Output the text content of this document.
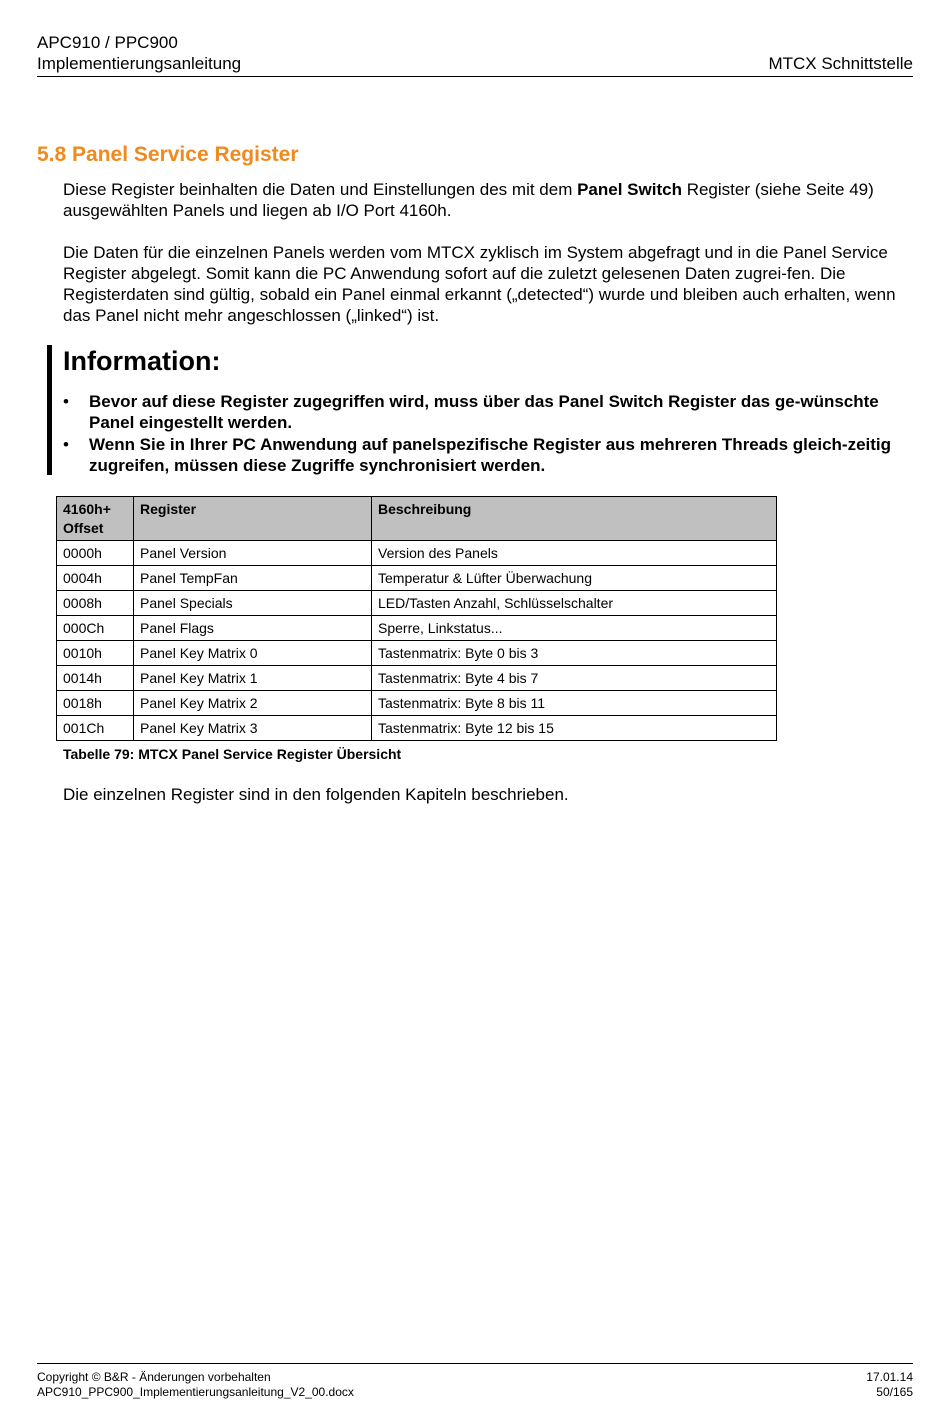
APC910 / PPC900
Implementierungsanleitung	MTCX Schnittstelle
5.8 Panel Service Register
Diese Register beinhalten die Daten und Einstellungen des mit dem Panel Switch Register (siehe Seite 49) ausgewählten Panels und liegen ab I/O Port 4160h.
Die Daten für die einzelnen Panels werden vom MTCX zyklisch im System abgefragt und in die Panel Service Register abgelegt. Somit kann die PC Anwendung sofort auf die zuletzt gelesenen Daten zugrei-fen. Die Registerdaten sind gültig, sobald ein Panel einmal erkannt („detected“) wurde und bleiben auch erhalten, wenn das Panel nicht mehr angeschlossen („linked“) ist.
Information:
• Bevor auf diese Register zugegriffen wird, muss über das Panel Switch Register das ge-wünschte Panel eingestellt werden.
• Wenn Sie in Ihrer PC Anwendung auf panelspezifische Register aus mehreren Threads gleich-zeitig zugreifen, müssen diese Zugriffe synchronisiert werden.
4160h+
Offset	Register	Beschreibung
0000h	Panel Version	Version des Panels
0004h	Panel TempFan	Temperatur & Lüfter Überwachung
0008h	Panel Specials	LED/Tasten Anzahl, Schlüsselschalter
000Ch	Panel Flags	Sperre, Linkstatus...
0010h	Panel Key Matrix 0	Tastenmatrix: Byte 0 bis 3
0014h	Panel Key Matrix 1	Tastenmatrix: Byte 4 bis 7
0018h	Panel Key Matrix 2	Tastenmatrix: Byte 8 bis 11
001Ch	Panel Key Matrix 3	Tastenmatrix: Byte 12 bis 15
Tabelle 79: MTCX Panel Service Register Übersicht
Die einzelnen Register sind in den folgenden Kapiteln beschrieben.
Copyright © B&R - Änderungen vorbehalten
APC910_PPC900_Implementierungsanleitung_V2_00.docx
17.01.14
50/165
